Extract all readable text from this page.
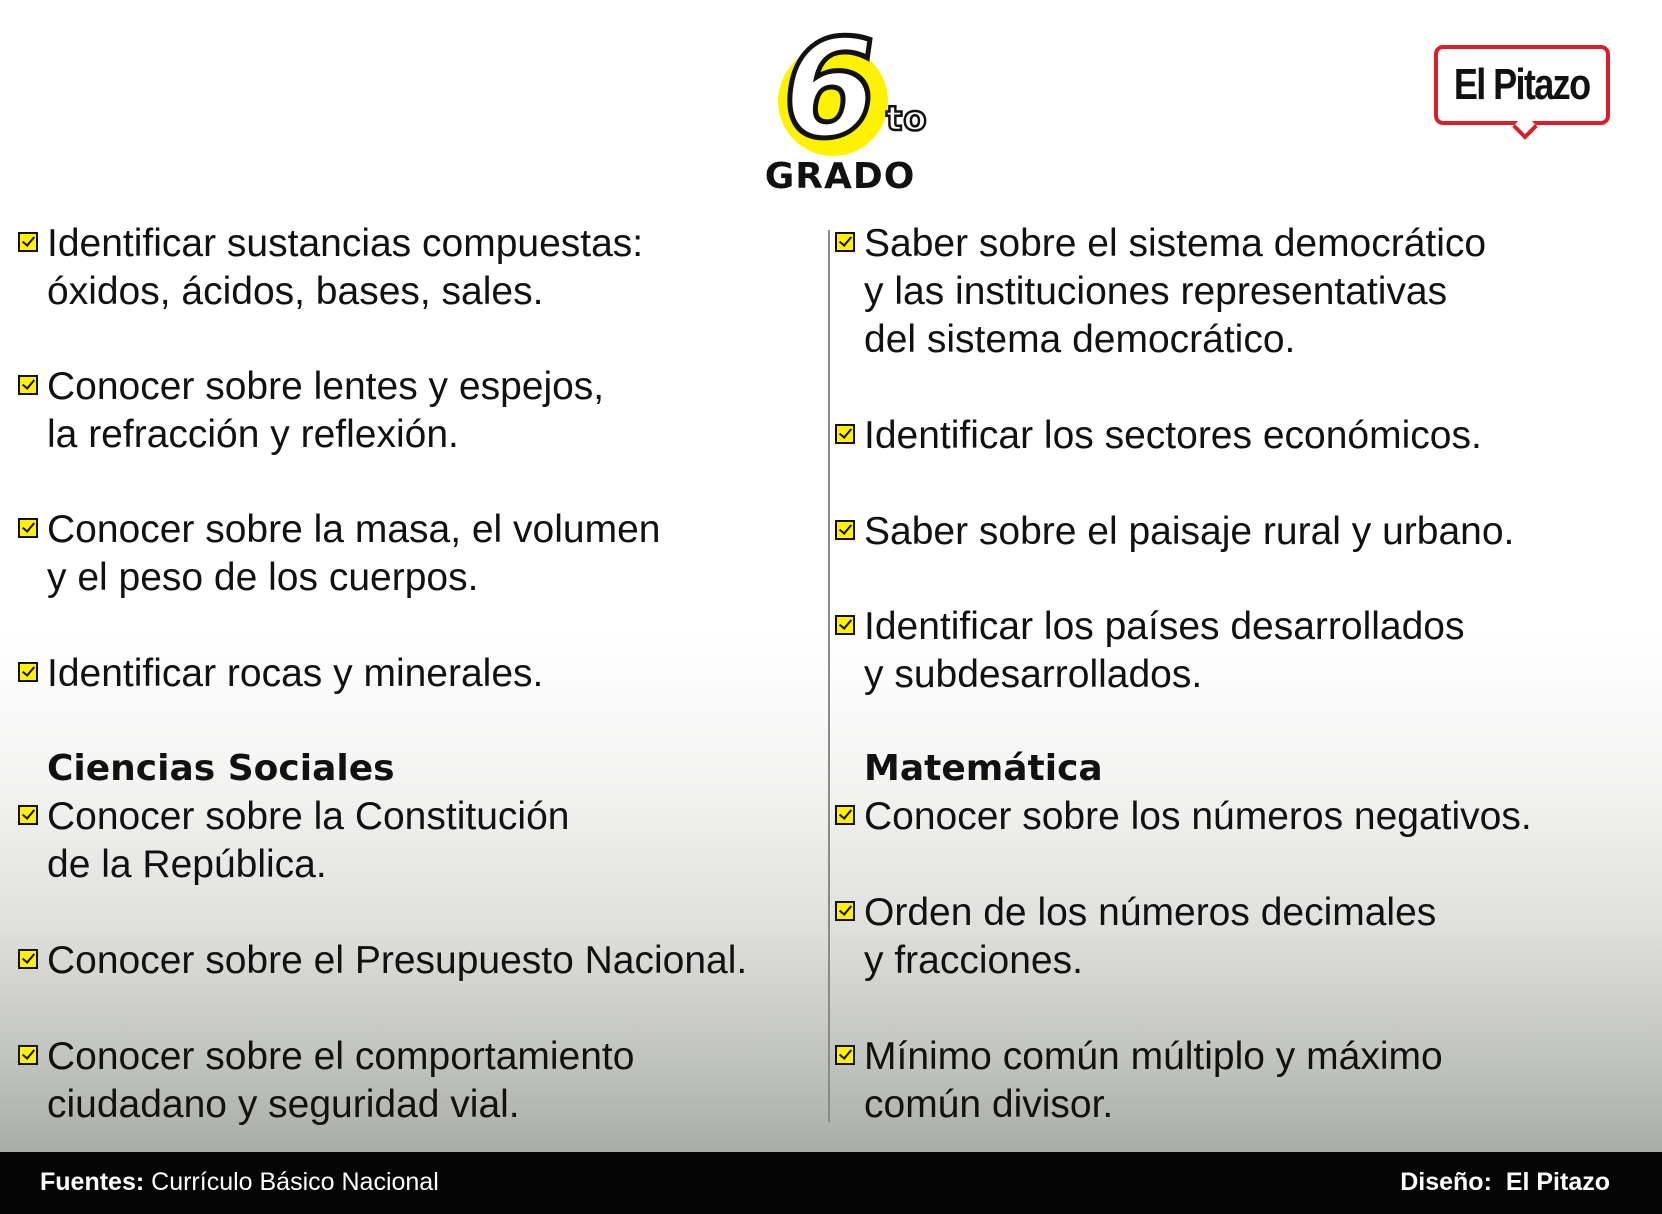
6
to
GRADO
El Pitazo
Identificar sustancias compuestas:
óxidos, ácidos, bases, sales.
Conocer sobre lentes y espejos,
la refracción y reflexión.
Conocer sobre la masa, el volumen
y el peso de los cuerpos.
Identificar rocas y minerales.
Ciencias Sociales
Conocer sobre la Constitución
de la República.
Conocer sobre el Presupuesto Nacional.
Conocer sobre el comportamiento
ciudadano y seguridad vial.
Saber sobre el sistema democrático
y las instituciones representativas
del sistema democrático.
Identificar los sectores económicos.
Saber sobre el paisaje rural y urbano.
Identificar los países desarrollados
y subdesarrollados.
Matemática
Conocer sobre los números negativos.
Orden de los números decimales
y fracciones.
Mínimo común múltiplo y máximo
común divisor.
Fuentes: Currículo Básico Nacional	Diseño: El Pitazo
